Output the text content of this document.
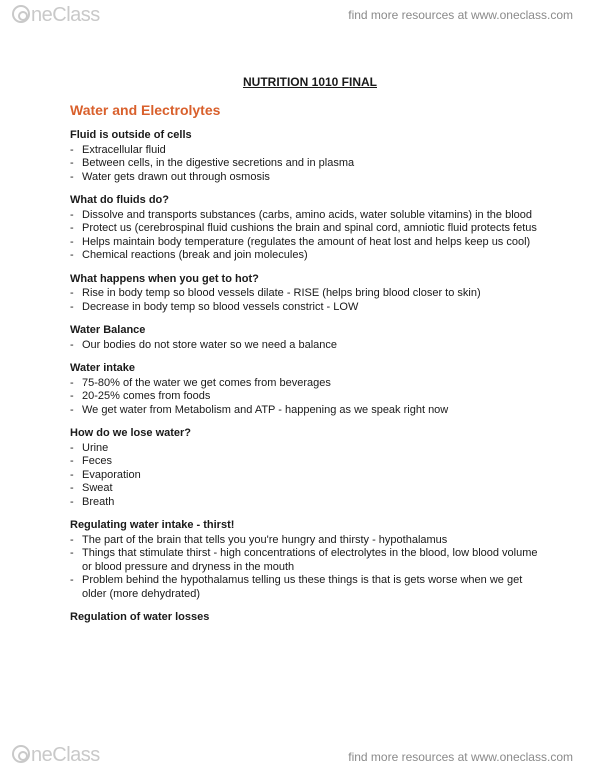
neClass	find more resources at www.oneclass.com
NUTRITION 1010 FINAL
Water and Electrolytes
Fluid is outside of cells
- Extracellular fluid
- Between cells, in the digestive secretions and in plasma
- Water gets drawn out through osmosis
What do fluids do?
- Dissolve and transports substances (carbs, amino acids, water soluble vitamins) in the blood
- Protect us (cerebrospinal fluid cushions the brain and spinal cord, amniotic fluid protects fetus
- Helps maintain body temperature (regulates the amount of heat lost and helps keep us cool)
- Chemical reactions (break and join molecules)
What happens when you get to hot?
- Rise in body temp so blood vessels dilate - RISE (helps bring blood closer to skin)
- Decrease in body temp so blood vessels constrict - LOW
Water Balance
- Our bodies do not store water so we need a balance
Water intake
- 75-80% of the water we get comes from beverages
- 20-25% comes from foods
- We get water from Metabolism and ATP - happening as we speak right now
How do we lose water?
- Urine
- Feces
- Evaporation
- Sweat
- Breath
Regulating water intake - thirst!
- The part of the brain that tells you you're hungry and thirsty - hypothalamus
- Things that stimulate thirst - high concentrations of electrolytes in the blood, low blood volume or blood pressure and dryness in the mouth
- Problem behind the hypothalamus telling us these things is that is gets worse when we get older (more dehydrated)
Regulation of water losses
neClass	find more resources at www.oneclass.com
